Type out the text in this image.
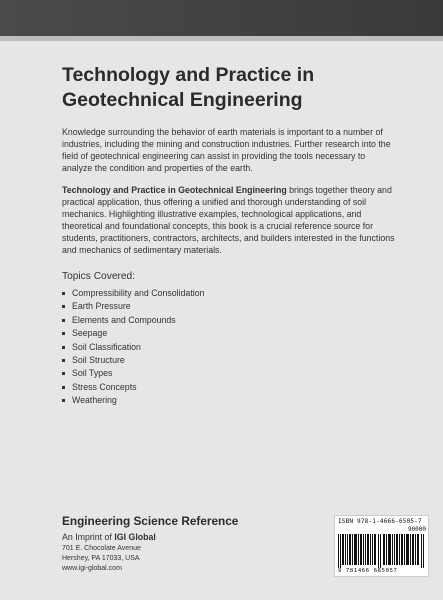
Technology and Practice in
Geotechnical Engineering

Knowledge surrounding the behavior of earth materials is important to a number of industries, including the mining and construction industries. Further research into the field of geotechnical engineering can assist in providing the tools necessary to analyze the condition and properties of the earth.

Technology and Practice in Geotechnical Engineering brings together theory and practical application, thus offering a unified and thorough understanding of soil mechanics. Highlighting illustrative examples, technological applications, and theoretical and foundational concepts, this book is a crucial reference source for students, practitioners, contractors, architects, and builders interested in the functions and mechanics of sedimentary materials.

Topics Covered:

Compressibility and Consolidation
Earth Pressure
Elements and Compounds
Seepage
Soil Classification
Soil Structure
Soil Types
Stress Concepts
Weathering

Engineering Science Reference

An Imprint of IGI Global

701 E. Chocolate Avenue

Hershey, PA 17033, USA

www.igi-global.com

ISBN 978-1-4666-6505-7
90000
9 781466 665057
